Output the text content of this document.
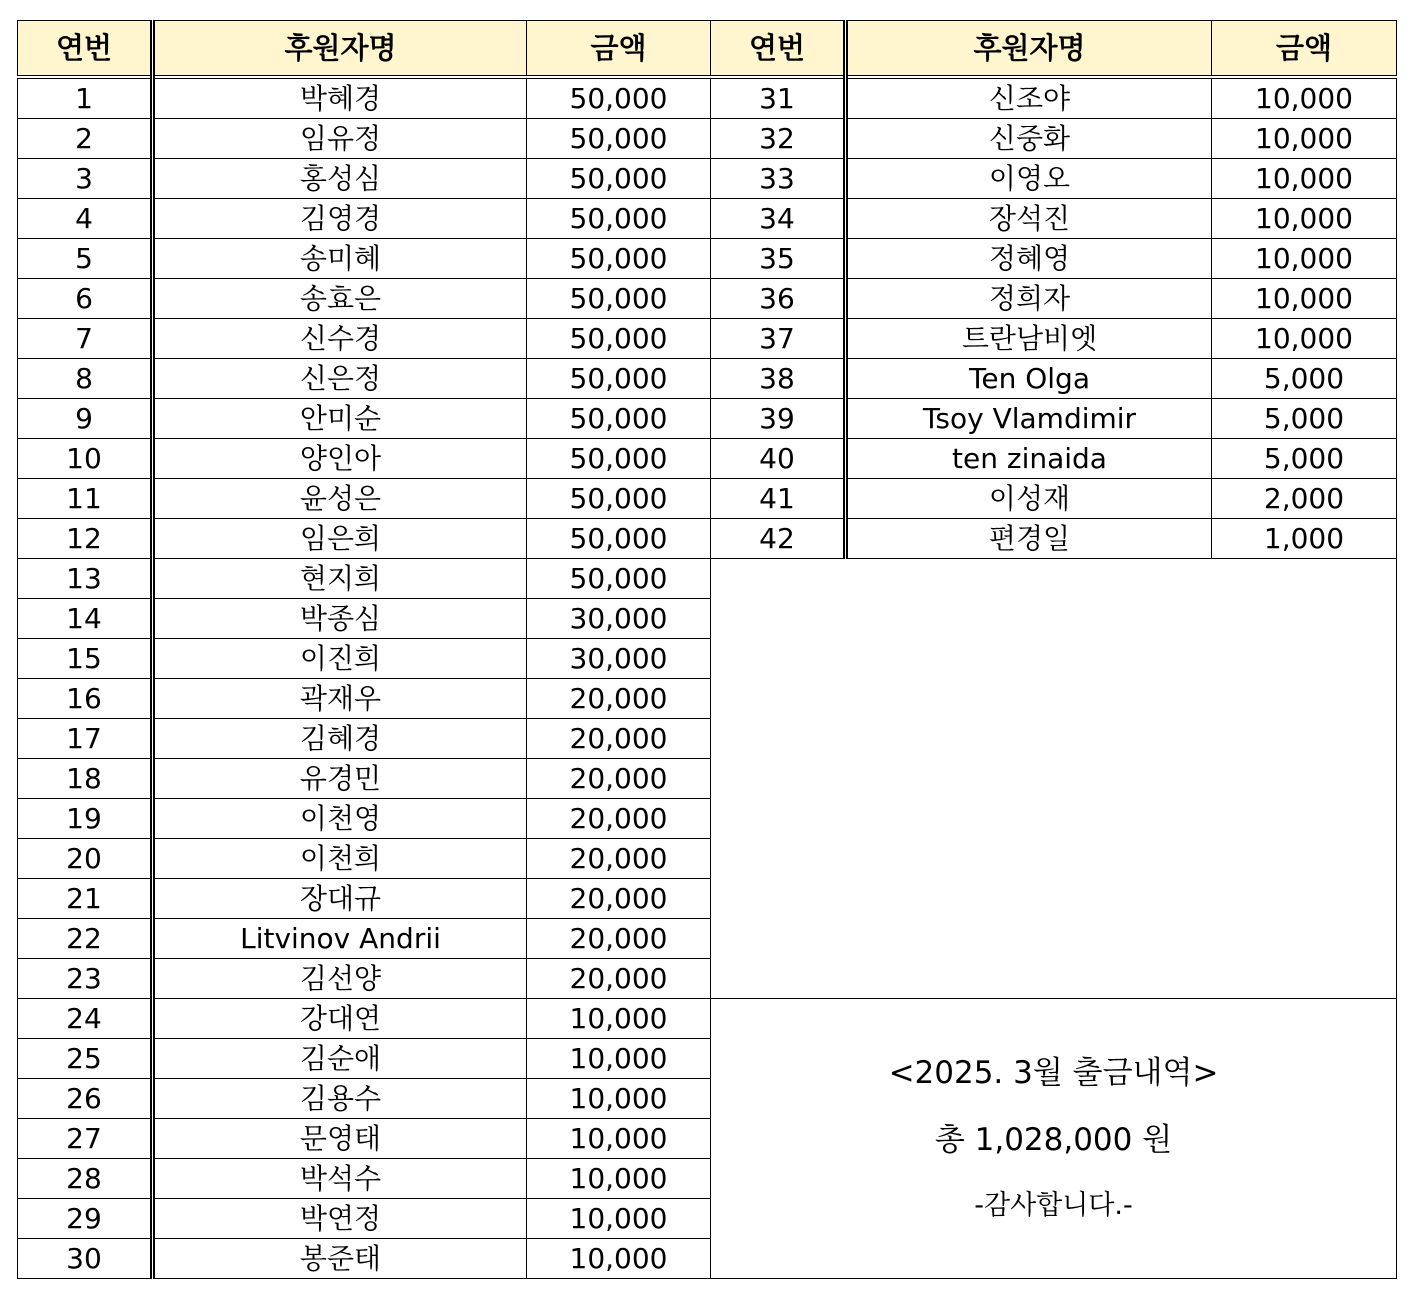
연번	후원자명	금액	연번	후원자명	금액
1	박혜경	50,000	31	신조야	10,000
2	임유정	50,000	32	신중화	10,000
3	홍성심	50,000	33	이영오	10,000
4	김영경	50,000	34	장석진	10,000
5	송미혜	50,000	35	정혜영	10,000
6	송효은	50,000	36	정희자	10,000
7	신수경	50,000	37	트란남비엣	10,000
8	신은정	50,000	38	Ten Olga	5,000
9	안미순	50,000	39	Tsoy Vlamdimir	5,000
10	양인아	50,000	40	ten zinaida	5,000
11	윤성은	50,000	41	이성재	2,000
12	임은희	50,000	42	편경일	1,000
13	현지희	50,000			
14	박종심	30,000			
15	이진희	30,000			
16	곽재우	20,000			
17	김혜경	20,000			
18	유경민	20,000			
19	이천영	20,000			
20	이천희	20,000			
21	장대규	20,000			
22	Litvinov Andrii	20,000			
23	김선양	20,000			
24	강대연	10,000	<2025. 3월 출금내역>
총 1,028,000 원
-감사합니다.-		

25	김순애	10,000			
26	김용수	10,000			
27	문영태	10,000			
28	박석수	10,000			
29	박연정	10,000			
30	봉준태	10,000			
